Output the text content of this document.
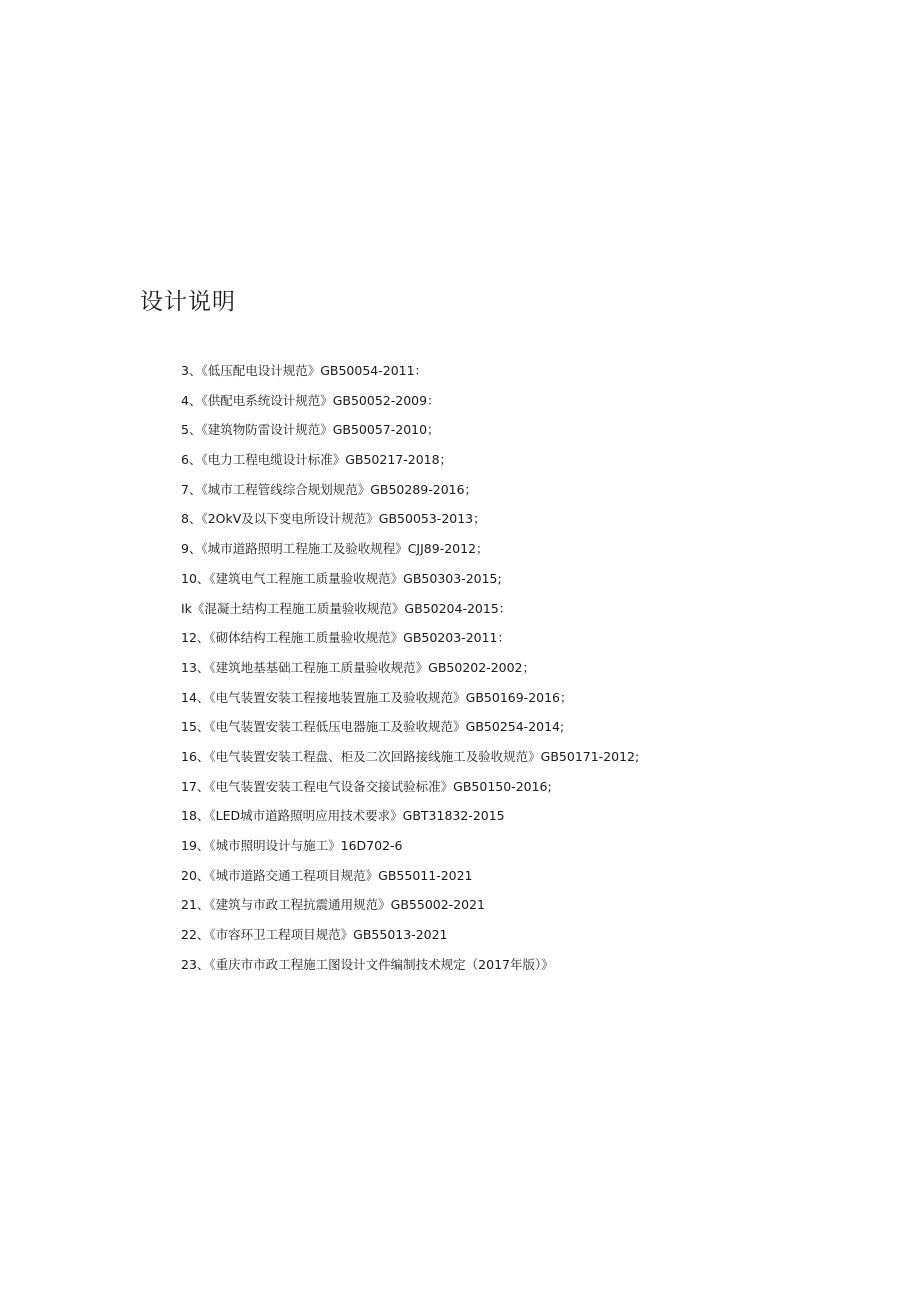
设计说明
3、《低压配电设计规范》GB50054-2011：
4、《供配电系统设计规范》GB50052-2009：
5、《建筑物防雷设计规范》GB50057-2010；
6、《电力工程电缆设计标准》GB50217-2018；
7、《城市工程管线综合规划规范》GB50289-2016；
8、《2OkV及以下变电所设计规范》GB50053-2013；
9、《城市道路照明工程施工及验收规程》CJJ89-2012；
10、《建筑电气工程施工质量验收规范》GB50303-2015;
Ik《混凝土结构工程施工质量验收规范》GB50204-2015：
12、《砌体结构工程施工质量验收规范》GB50203-2011：
13、《建筑地基基础工程施工质量验收规范》GB50202-2002；
14、《电气装置安装工程接地装置施工及验收规范》GB50169-2016；
15、《电气装置安装工程低压电器施工及验收规范》GB50254-2014;
16、《电气装置安装工程盘、柜及二次回路接线施工及验收规范》GB50171-2012;
17、《电气装置安装工程电气设备交接试验标准》GB50150-2016;
18、《LED城市道路照明应用技术要求》GBT31832-2015
19、《城市照明设计与施工》16D702-6
20、《城市道路交通工程项目规范》GB55011-2021
21、《建筑与市政工程抗震通用规范》GB55002-2021
22、《市容环卫工程项目规范》GB55013-2021
23、《重庆市市政工程施工图设计文件编制技术规定（2017年版）》
